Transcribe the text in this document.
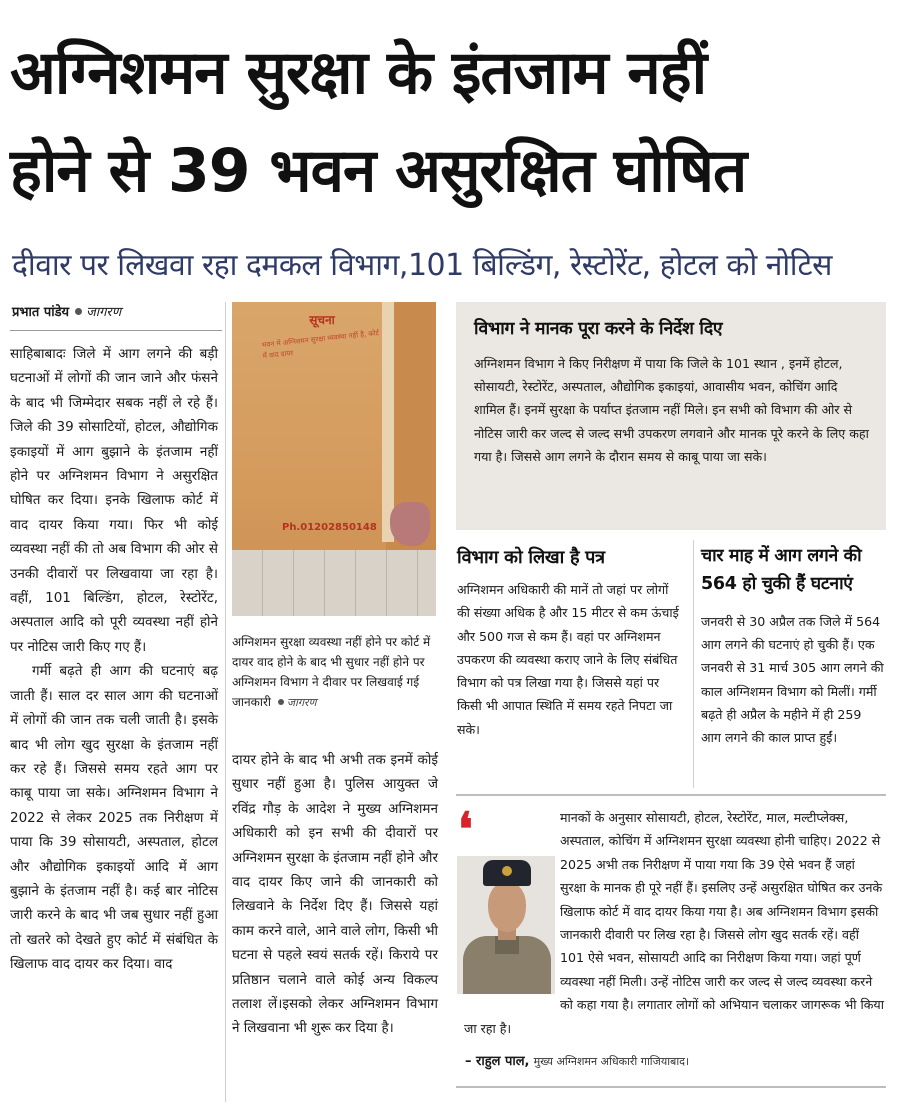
अग्निशमन सुरक्षा के इंतजाम नहीं
होने से 39 भवन असुरक्षित घोषित
दीवार पर लिखवा रहा दमकल विभाग,101 बिल्डिंग, रेस्टोरेंट, होटल को नोटिस
प्रभात पांडेय जागरण

साहिबाबादः जिले में आग लगने की बड़ी घटनाओं में लोगों की जान जाने और फंसने के बाद भी जिम्मेदार सबक नहीं ले रहे हैं। जिले की 39 सोसाटियों, होटल, औद्योगिक इकाइयों में आग बुझाने के इंतजाम नहीं होने पर अग्निशमन विभाग ने असुरक्षित घोषित कर दिया। इनके खिलाफ कोर्ट में वाद दायर किया गया। फिर भी कोई व्यवस्था नहीं की तो अब विभाग की ओर से उनकी दीवारों पर लिखवाया जा रहा है। वहीं, 101 बिल्डिंग, होटल, रेस्टोरेंट, अस्पताल आदि को पूरी व्यवस्था नहीं होने पर नोटिस जारी किए गए हैं।

गर्मी बढ़ते ही आग की घटनाएं बढ़ जाती हैं। साल दर साल आग की घटनाओं में लोगों की जान तक चली जाती है। इसके बाद भी लोग खुद सुरक्षा के इंतजाम नहीं कर रहे हैं। जिससे समय रहते आग पर काबू पाया जा सके। अग्निशमन विभाग ने 2022 से लेकर 2025 तक निरीक्षण में पाया कि 39 सोसायटी, अस्पताल, होटल और औद्योगिक इकाइयों आदि में आग बुझाने के इंतजाम नहीं है। कई बार नोटिस जारी करने के बाद भी जब सुधार नहीं हुआ तो खतरे को देखते हुए कोर्ट में संबंधित के खिलाफ वाद दायर कर दिया। वाद

सूचना
भवन में अग्निशमन सुरक्षा व्यवस्था नहीं है, कोर्ट में वाद दायर
Ph.01202850148
अग्निशमन सुरक्षा व्यवस्था नहीं होने पर कोर्ट में दायर वाद होने के बाद भी सुधार नहीं होने पर अग्निशमन विभाग ने दीवार पर लिखवाई गई जानकारी जागरण

दायर होने के बाद भी अभी तक इनमें कोई सुधार नहीं हुआ है। पुलिस आयुक्त जे रविंद्र गौड़ के आदेश ने मुख्य अग्निशमन अधिकारी को इन सभी की दीवारों पर अग्निशमन सुरक्षा के इंतजाम नहीं होने और वाद दायर किए जाने की जानकारी को लिखवाने के निर्देश दिए हैं। जिससे यहां काम करने वाले, आने वाले लोग, किसी भी घटना से पहले स्वयं सतर्क रहें। किराये पर प्रतिष्ठान चलाने वाले कोई अन्य विकल्प तलाश लें।इसको लेकर अग्निशमन विभाग ने लिखवाना भी शुरू कर दिया है।

विभाग ने मानक पूरा करने के निर्देश दिए
अग्निशमन विभाग ने किए निरीक्षण में पाया कि जिले के 101 स्थान , इनमें होटल, सोसायटी, रेस्टोरेंट, अस्पताल, औद्योगिक इकाइयां, आवासीय भवन, कोचिंग आदि शामिल हैं। इनमें सुरक्षा के पर्याप्त इंतजाम नहीं मिले। इन सभी को विभाग की ओर से नोटिस जारी कर जल्द से जल्द सभी उपकरण लगवाने और मानक पूरे करने के लिए कहा गया है। जिससे आग लगने के दौरान समय से काबू पाया जा सके।
विभाग को लिखा है पत्र
अग्निशमन अधिकारी की मानें तो जहां पर लोगों की संख्या अधिक है और 15 मीटर से कम ऊंचाई और 500 गज से कम हैं। वहां पर अग्निशमन उपकरण की व्यवस्था कराए जाने के लिए संबंधित विभाग को पत्र लिखा गया है। जिससे यहां पर किसी भी आपात स्थिति में समय रहते निपटा जा सके।
चार माह में आग लगने की 564 हो चुकी हैं घटनाएं
जनवरी से 30 अप्रैल तक जिले में 564 आग लगने की घटनाएं हो चुकी हैं। एक जनवरी से 31 मार्च 305 आग लगने की काल अग्निशमन विभाग को मिलीं। गर्मी बढ़ते ही अप्रैल के महीने में ही 259 आग लगने की काल प्राप्त हुईं।
❛	मानकों के अनुसार सोसायटी, होटल, रेस्टोरेंट, माल, मल्टीप्लेक्स, अस्पताल, कोचिंग में अग्निशमन सुरक्षा व्यवस्था होनी चाहिए। 2022 से 2025 अभी तक निरीक्षण में पाया गया कि 39 ऐसे भवन हैं जहां सुरक्षा के मानक ही पूरे नहीं हैं। इसलिए उन्हें असुरक्षित घोषित कर उनके खिलाफ कोर्ट में वाद दायर किया गया है। अब अग्निशमन विभाग इसकी जानकारी दीवारी पर लिख रहा है। जिससे लोग खुद सतर्क रहें। वहीं 101 ऐसे भवन, सोसायटी आदि का निरीक्षण किया गया। जहां पूर्ण व्यवस्था नहीं मिली। उन्हें नोटिस जारी कर जल्द से जल्द व्यवस्था करने को कहा गया है। लगातार लोगों को अभियान चलाकर जागरूक भी किया जा रहा है।
– राहुल पाल, मुख्य अग्निशमन अधिकारी गाजियाबाद।
